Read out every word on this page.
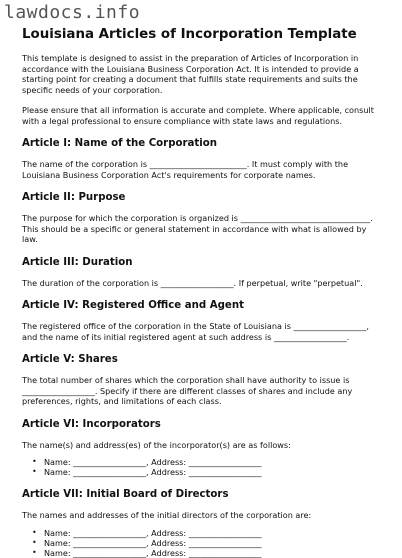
lawdocs.info
Louisiana Articles of Incorporation Template

This template is designed to assist in the preparation of Articles of Incorporation in accordance with the Louisiana Business Corporation Act. It is intended to provide a starting point for creating a document that fulfills state requirements and suits the specific needs of your corporation.

Please ensure that all information is accurate and complete. Where applicable, consult with a legal professional to ensure compliance with state laws and regulations.

Article I: Name of the Corporation

The name of the corporation is ________________________. It must comply with the Louisiana Business Corporation Act's requirements for corporate names.

Article II: Purpose

The purpose for which the corporation is organized is ________________________________. This should be a specific or general statement in accordance with what is allowed by law.

Article III: Duration

The duration of the corporation is __________________. If perpetual, write "perpetual".

Article IV: Registered Office and Agent

The registered office of the corporation in the State of Louisiana is __________________, and the name of its initial registered agent at such address is __________________.

Article V: Shares

The total number of shares which the corporation shall have authority to issue is __________________. Specify if there are different classes of shares and include any preferences, rights, and limitations of each class.

Article VI: Incorporators

The name(s) and address(es) of the incorporator(s) are as follows:

• Name: __________________, Address: __________________
• Name: __________________, Address: __________________
Article VII: Initial Board of Directors

The names and addresses of the initial directors of the corporation are:

• Name: __________________, Address: __________________
• Name: __________________, Address: __________________
• Name: __________________, Address: __________________
